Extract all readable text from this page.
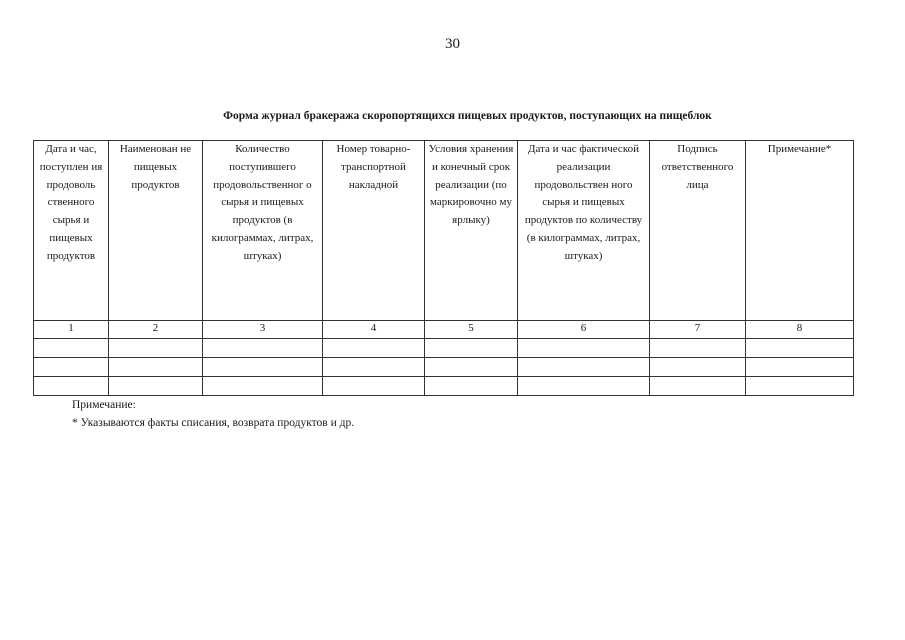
30
Форма журнал бракеража скоропортящихся пищевых продуктов, поступающих на пищеблок
Дата и час, поступлен ия продоволь ственного сырья и пищевых продуктов	Наименован не пищевых продуктов	Количество поступившего продовольственног о сырья и пищевых продуктов (в килограммах, литрах, штуках)	Номер товарно-транспортной накладной	Условия хранения и конечный срок реализации (по маркировочно му ярлыку)	Дата и час фактической реализации продовольствен ного сырья и пищевых продуктов по количеству (в килограммах, литрах, штуках)	Подпись ответственного лица	Примечание*
1	2	3	4	5	6	7	8

Примечание:
* Указываются факты списания, возврата продуктов и др.
